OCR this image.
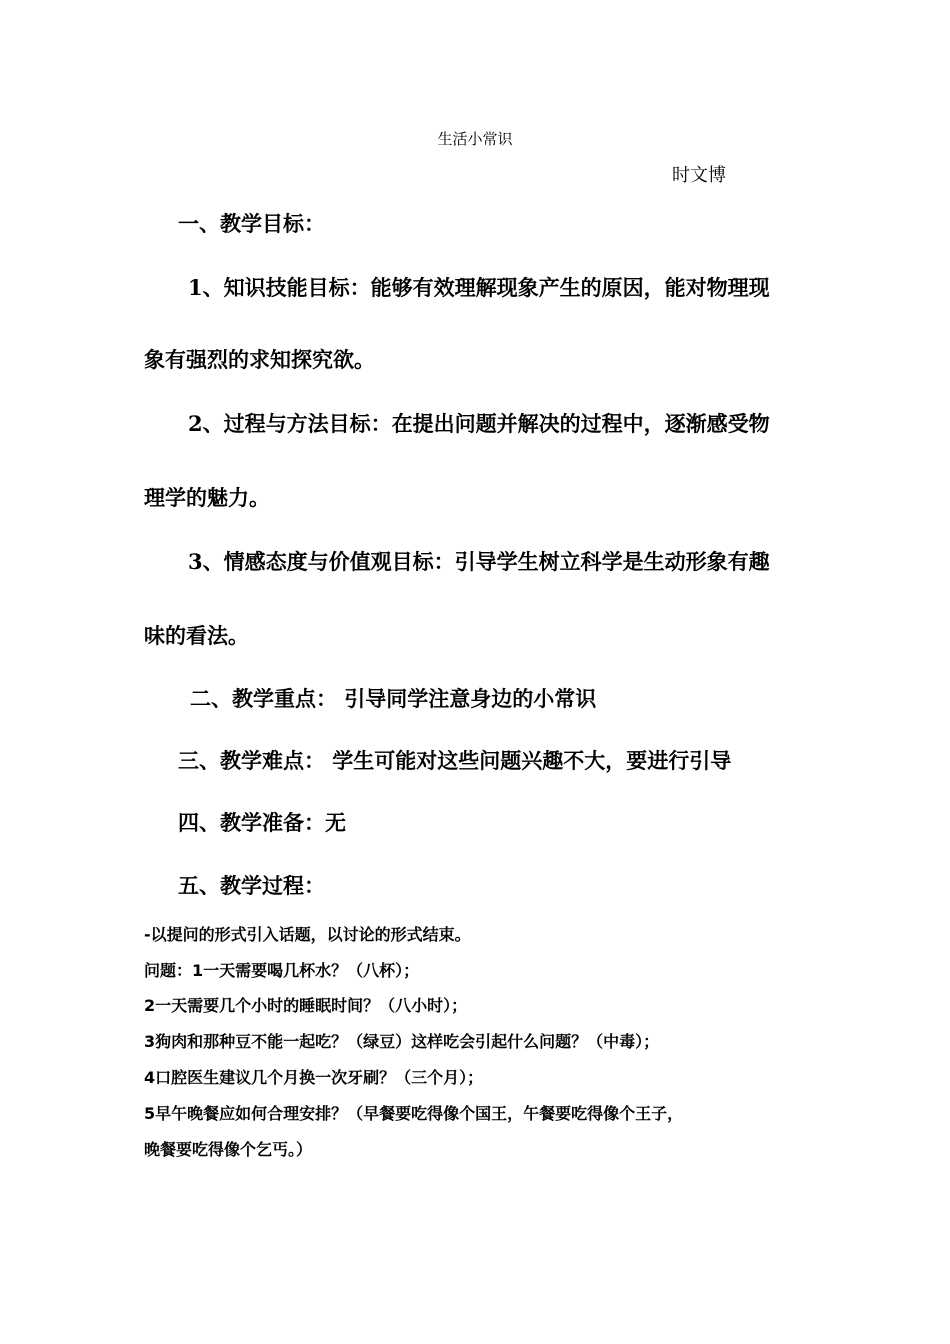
生活小常识
时文博
一、教学目标：
1、知识技能目标：能够有效理解现象产生的原因，能对物理现
象有强烈的求知探究欲。
2、过程与方法目标：在提出问题并解决的过程中，逐渐感受物
理学的魅力。
3、情感态度与价值观目标：引导学生树立科学是生动形象有趣
味的看法。
二、教学重点： 引导同学注意身边的小常识
三、教学难点： 学生可能对这些问题兴趣不大，要进行引导
四、教学准备：无
五、教学过程：
-以提问的形式引入话题，以讨论的形式结束。
问题：1一天需要喝几杯水？（八杯）；
2一天需要几个小时的睡眠时间？（八小时）；
3狗肉和那种豆不能一起吃？（绿豆）这样吃会引起什么问题？（中毒）；
4口腔医生建议几个月换一次牙刷？（三个月）；
5早午晚餐应如何合理安排？（早餐要吃得像个国王，午餐要吃得像个王子，
晚餐要吃得像个乞丐。）
